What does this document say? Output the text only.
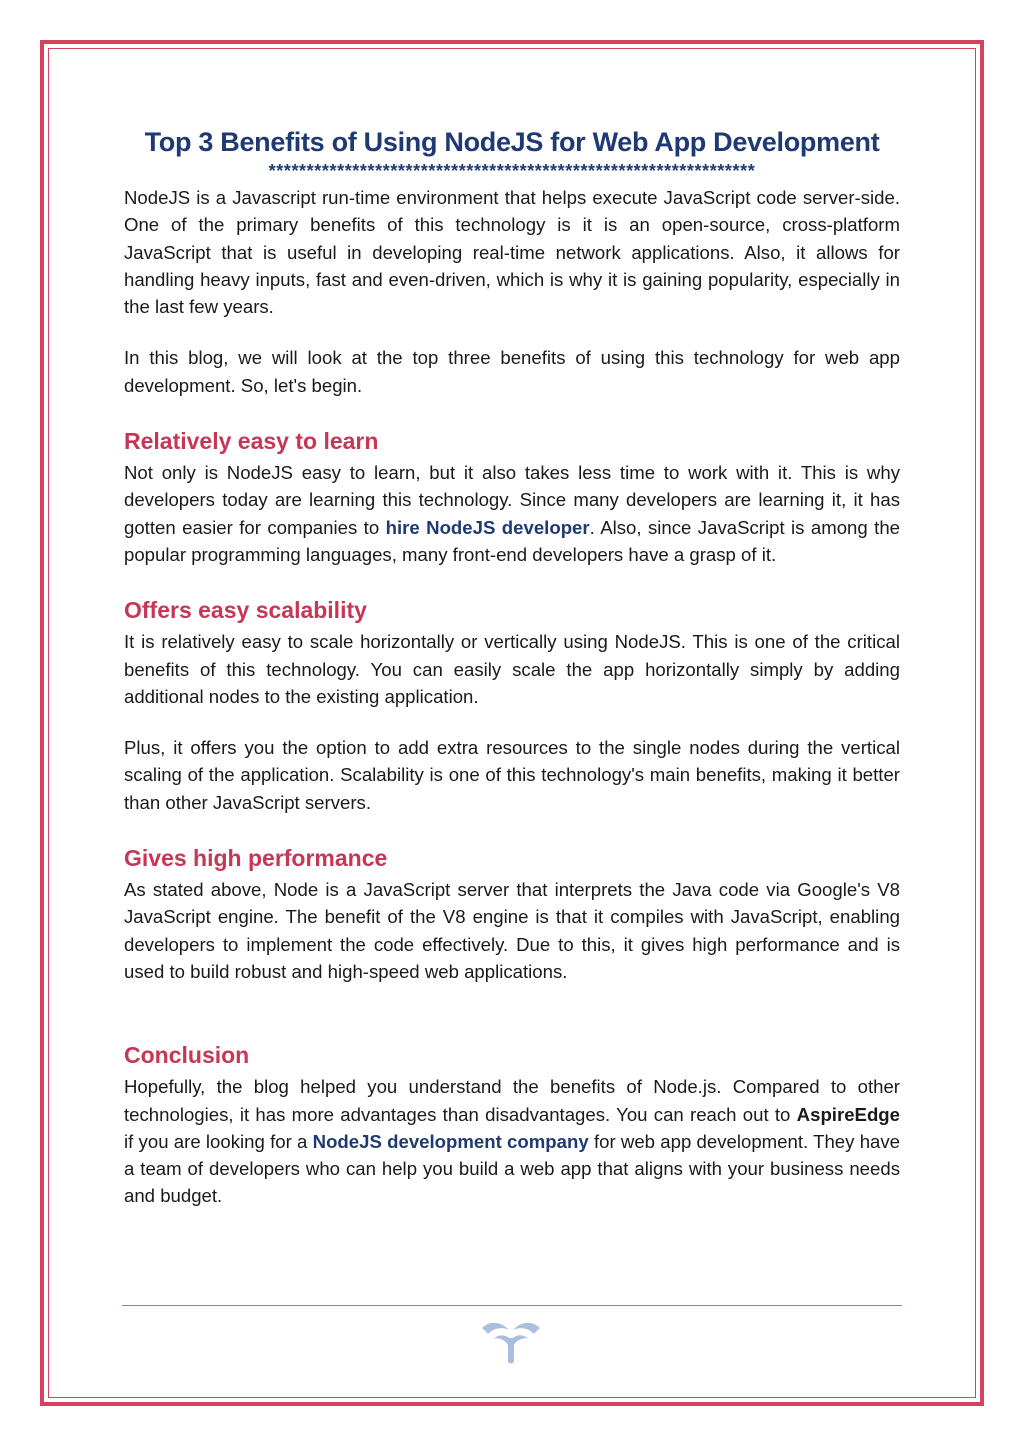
Top 3 Benefits of Using NodeJS for Web App Development
****************************************************************

NodeJS is a Javascript run-time environment that helps execute JavaScript code server-side. One of the primary benefits of this technology is it is an open-source, cross-platform JavaScript that is useful in developing real-time network applications. Also, it allows for handling heavy inputs, fast and even-driven, which is why it is gaining popularity, especially in the last few years.

In this blog, we will look at the top three benefits of using this technology for web app development. So, let's begin.

Relatively easy to learn

Not only is NodeJS easy to learn, but it also takes less time to work with it. This is why developers today are learning this technology. Since many developers are learning it, it has gotten easier for companies to hire NodeJS developer. Also, since JavaScript is among the popular programming languages, many front-end developers have a grasp of it.

Offers easy scalability

It is relatively easy to scale horizontally or vertically using NodeJS. This is one of the critical benefits of this technology. You can easily scale the app horizontally simply by adding additional nodes to the existing application.

Plus, it offers you the option to add extra resources to the single nodes during the vertical scaling of the application. Scalability is one of this technology's main benefits, making it better than other JavaScript servers.

Gives high performance

As stated above, Node is a JavaScript server that interprets the Java code via Google's V8 JavaScript engine. The benefit of the V8 engine is that it compiles with JavaScript, enabling developers to implement the code effectively. Due to this, it gives high performance and is used to build robust and high-speed web applications.

Conclusion

Hopefully, the blog helped you understand the benefits of Node.js. Compared to other technologies, it has more advantages than disadvantages. You can reach out to AspireEdge if you are looking for a NodeJS development company for web app development. They have a team of developers who can help you build a web app that aligns with your business needs and budget.
